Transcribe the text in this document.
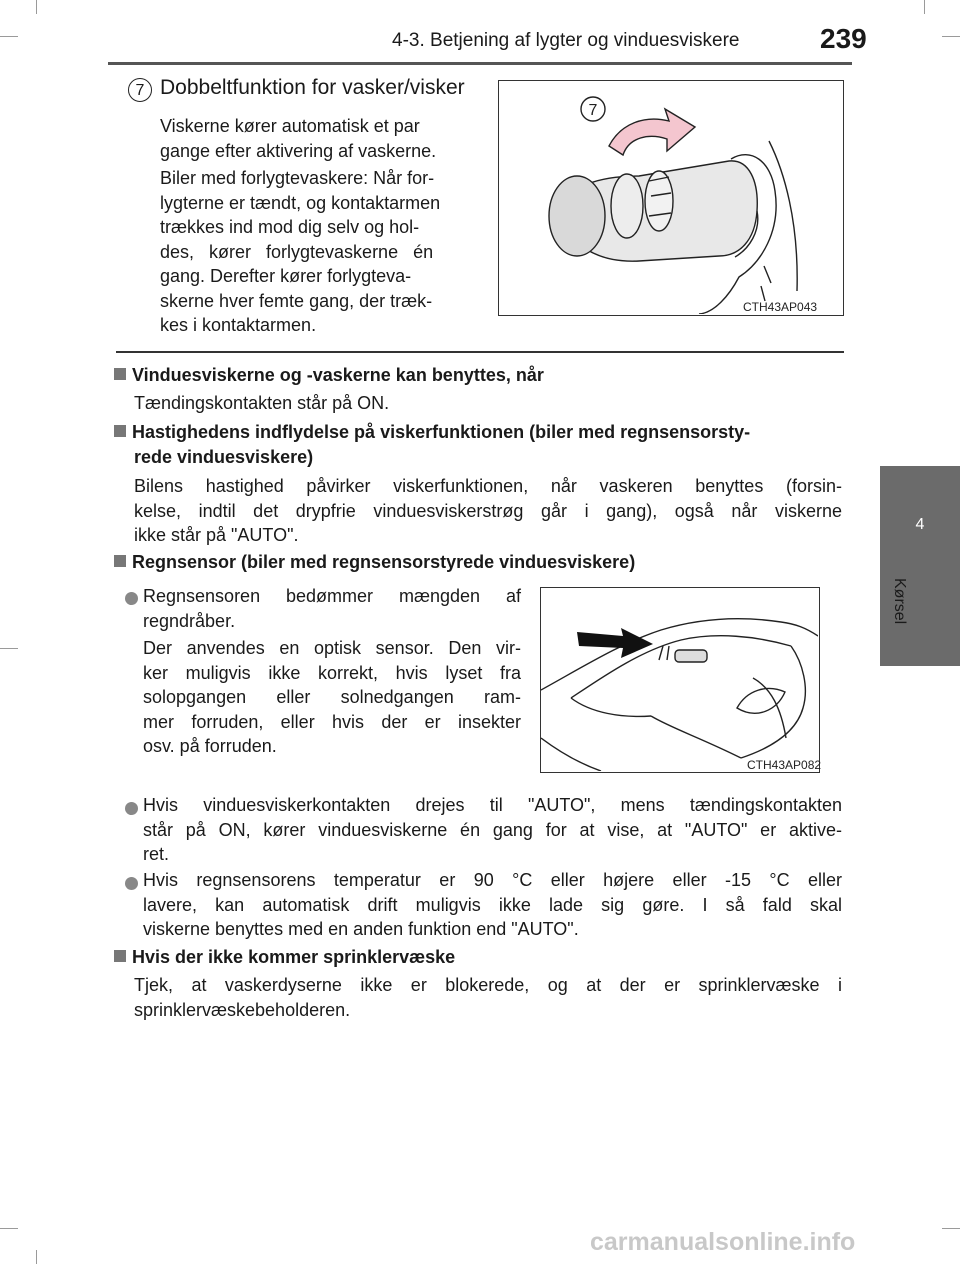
4-3. Betjening af lygter og vinduesviskere	239
4
Kørsel
7 Dobbeltfunktion for vasker/visker
Viskerne kører automatisk et par
gange efter aktivering af vaskerne.
Biler med forlygtevaskere: Når for-
lygterne er tændt, og kontaktarmen
trækkes ind mod dig selv og hol-
des, kører forlygtevaskerne én
gang. Derefter kører forlygteva-
skerne hver femte gang, der træk-
kes i kontaktarmen.
7
CTH43AP043
Vinduesviskerne og -vaskerne kan benyttes, når
Tændingskontakten står på ON.
Hastighedens indflydelse på viskerfunktionen (biler med regnsensorsty-
rede vinduesviskere)
Bilens hastighed påvirker viskerfunktionen, når vaskeren benyttes (forsin-
kelse, indtil det drypfrie vinduesviskerstrøg går i gang), også når viskerne
ikke står på "AUTO".
Regnsensor (biler med regnsensorstyrede vinduesviskere)
Regnsensoren bedømmer mængden af
regndråber.
Der anvendes en optisk sensor. Den vir-
ker muligvis ikke korrekt, hvis lyset fra
solopgangen eller solnedgangen ram-
mer forruden, eller hvis der er insekter
osv. på forruden.
CTH43AP082
Hvis vinduesviskerkontakten drejes til "AUTO", mens tændingskontakten
står på ON, kører vinduesviskerne én gang for at vise, at "AUTO" er aktive-
ret.
Hvis regnsensorens temperatur er 90 °C eller højere eller -15 °C eller
lavere, kan automatisk drift muligvis ikke lade sig gøre. I så fald skal
viskerne benyttes med en anden funktion end "AUTO".
Hvis der ikke kommer sprinklervæske
Tjek, at vaskerdyserne ikke er blokerede, og at der er sprinklervæske i
sprinklervæskebeholderen.
carmanualsonline.info
